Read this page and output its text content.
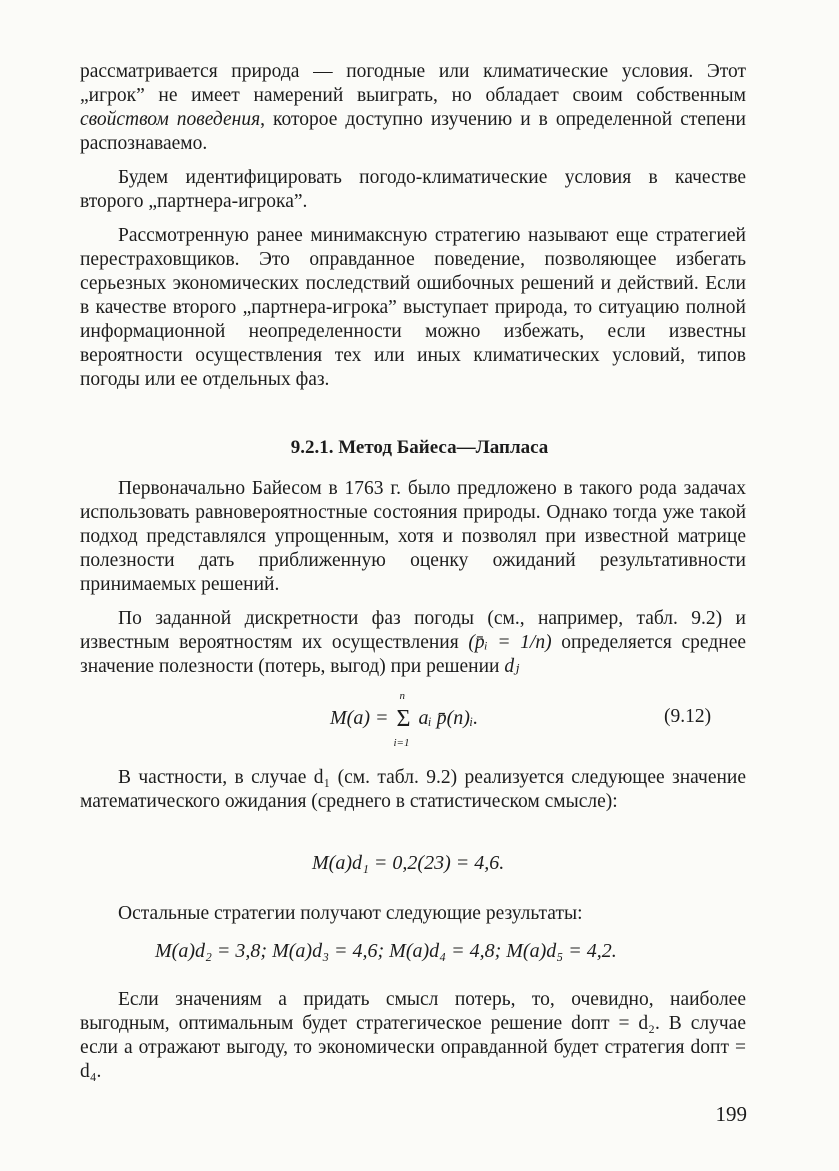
рассматривается природа — погодные или климатические условия. Этот „игрок” не имеет намерений выиграть, но обладает своим собственным свойством поведения, которое доступно изучению и в определенной степени распознаваемо.

Будем идентифицировать погодо-климатические условия в качестве второго „партнера-игрока”.

Рассмотренную ранее минимаксную стратегию называют еще стратегией перестраховщиков. Это оправданное поведение, позволяющее избегать серьезных экономических последствий ошибочных решений и действий. Если в качестве второго „партнера-игрока” выступает природа, то ситуацию полной информационной неопределенности можно избежать, если известны вероятности осуществления тех или иных климатических условий, типов погоды или ее отдельных фаз.

9.2.1. Метод Байеса—Лапласа

Первоначально Байесом в 1763 г. было предложено в такого рода задачах использовать равновероятностные состояния природы. Однако тогда уже такой подход представлялся упрощенным, хотя и позволял при известной матрице полезности дать приближенную оценку ожиданий результативности принимаемых решений.

По заданной дискретности фаз погоды (см., например, табл. 9.2) и известным вероятностям их осуществления (p̄ᵢ = 1/n) определяется среднее значение полезности (потерь, выгод) при решении dⱼ

M(a) =
n
Σ
i=1
aᵢ p̄(n)ᵢ.	(9.12)

В частности, в случае d₁ (см. табл. 9.2) реализуется следующее значение математического ожидания (среднего в статистическом смысле):

M(a)d₁ = 0,2(23) = 4,6.

Остальные стратегии получают следующие результаты:

M(a)d₂ = 3,8; M(a)d₃ = 4,6; M(a)d₄ = 4,8; M(a)d₅ = 4,2.

Если значениям a придать смысл потерь, то, очевидно, наиболее выгодным, оптимальным будет стратегическое решение dопт = d₂. В случае если a отражают выгоду, то экономически оправданной будет стратегия dопт = d₄.

199
